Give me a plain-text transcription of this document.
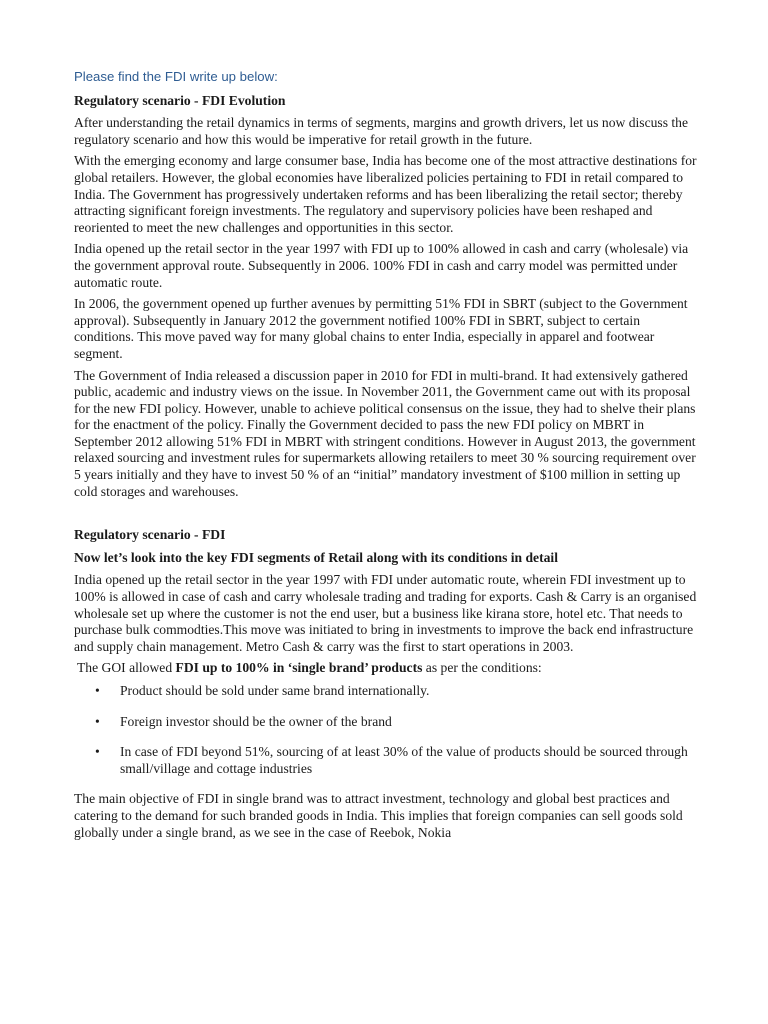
Please find the FDI write up below:

Regulatory scenario - FDI Evolution

After understanding the retail dynamics in terms of segments, margins and growth drivers, let us now discuss the regulatory scenario and how this would be imperative for retail growth in the future.

With the emerging economy and large consumer base, India has become one of the most attractive destinations for global retailers. However, the global economies have liberalized policies pertaining to FDI in retail compared to India. The Government has progressively undertaken reforms and has been liberalizing the retail sector; thereby attracting significant foreign investments. The regulatory and supervisory policies have been reshaped and reoriented to meet the new challenges and opportunities in this sector.

India opened up the retail sector in the year 1997 with FDI up to 100% allowed in cash and carry (wholesale) via the government approval route. Subsequently in 2006. 100% FDI in cash and carry model was permitted under automatic route.

In 2006, the government opened up further avenues by permitting 51% FDI in SBRT (subject to the Government approval). Subsequently in January 2012 the government notified 100% FDI in SBRT, subject to certain conditions. This move paved way for many global chains to enter India, especially in apparel and footwear segment.

The Government of India released a discussion paper in 2010 for FDI in multi-brand. It had extensively gathered public, academic and industry views on the issue. In November 2011, the Government came out with its proposal for the new FDI policy. However, unable to achieve political consensus on the issue, they had to shelve their plans for the enactment of the policy. Finally the Government decided to pass the new FDI policy on MBRT in September 2012 allowing 51% FDI in MBRT with stringent conditions. However in August 2013, the government relaxed sourcing and investment rules for supermarkets allowing retailers to meet 30 % sourcing requirement over 5 years initially and they have to invest 50 % of an “initial” mandatory investment of $100 million in setting up cold storages and warehouses.

Regulatory scenario - FDI

Now let’s look into the key FDI segments of Retail along with its conditions in detail

India opened up the retail sector in the year 1997 with FDI under automatic route, wherein FDI investment up to 100% is allowed in case of cash and carry wholesale trading and trading for exports. Cash & Carry is an organised wholesale set up where the customer is not the end user, but a business like kirana store, hotel etc. That needs to purchase bulk commodties.This move was initiated to bring in investments to improve the back end infrastructure and supply chain management. Metro Cash & carry was the first to start operations in 2003.

The GOI allowed FDI up to 100% in ‘single brand’ products as per the conditions:

• Product should be sold under same brand internationally.
• Foreign investor should be the owner of the brand
• In case of FDI beyond 51%, sourcing of at least 30% of the value of products should be sourced through small/village and cottage industries

The main objective of FDI in single brand was to attract investment, technology and global best practices and catering to the demand for such branded goods in India. This implies that foreign companies can sell goods sold globally under a single brand, as we see in the case of Reebok, Nokia
